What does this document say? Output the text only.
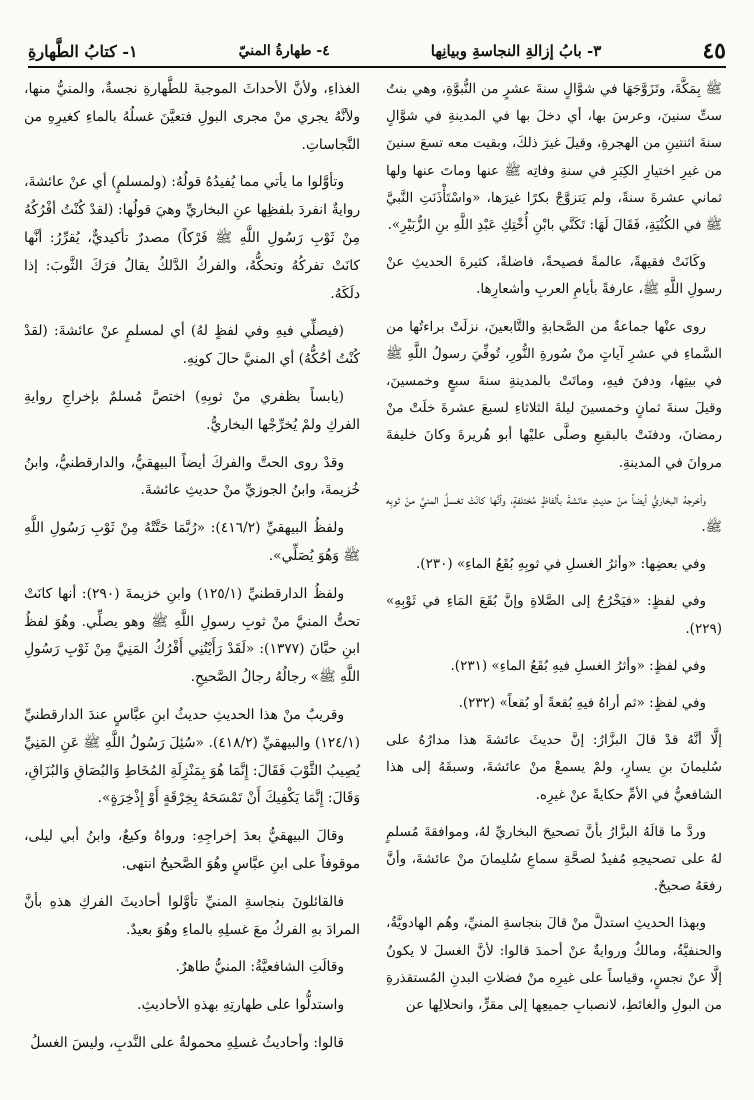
٤٥
٣- بابُ إزالةِ النجاسةِ وبيانِها
٤- طهارةُ المنيّ
١- كتابُ الطَّهارةِ

ﷺ بِمَكَّةَ، وتَزَوَّجَهَا في شوَّالٍ سنةَ عشرٍ من النُّبوَّةِ، وهي بنتُ ستِّ سنينَ، وعرسَ بها، أي دخلَ بها في المدينةِ في شوَّالٍ سنةَ اثنتينِ من الهجرةِ، وقيلَ غيرَ ذلكَ، وبقيت معه تسعَ سنينَ من غيرِ اختيارِ الكِبَرِ في سنةِ وفاتِه ﷺ عنها وماتَ عنها ولها ثماني عشرةَ سنةً، ولم يَتزوَّجْ بكرًا غيرَها، «واسْتَأْذَنَتِ النَّبيَّ ﷺ في الكُنْيَةِ، فَقَالَ لَهَا: تَكَنَّي بابْنِ أُخْتِكِ عَبْدِ اللَّهِ بنِ الزُّبَيْرِ».

وكَانَتْ فقيهةً، عالمةً فصيحةً، فاضلةً، كثيرةَ الحديثِ عنْ رسولِ اللَّهِ ﷺ، عارفةً بأيامِ العربِ وأشعارِها.

روى عنْها جماعةٌ من الصَّحابةِ والتَّابعينَ، نزلَتْ براءتُها من السَّماءِ في عشرِ آياتٍ منْ سُورةِ النُّورِ، تُوفِّيَ رسولُ اللَّهِ ﷺ في بيتِها، ودفنَ فيهِ، وماتَتْ بالمدينةِ سنةَ سبعٍ وخمسينَ، وقيلَ سنةَ ثمانٍ وخمسينَ ليلةَ الثلاثاءِ لسبعَ عشرةَ خلَتْ منْ رمضانَ، ودفنَتْ بالبقيعِ وصلَّى عليْها أبو هُريرةَ وكانَ خليفةَ مروانَ في المدينةِ.

وأخرجهُ البخاريُّ أيضاً منْ حديثِ عائشةَ بألفاظٍ مُختلفةٍ، وأنَّها كانَتْ تغسلُ المنيَّ منْ ثوبِه ﷺ.

وفي بعضِها: «وأثرُ الغسلِ في ثوبِهِ بُقَعُ الماءِ» (٢٣٠).

وفي لفظٍ: «فيَخْرُجُ إلى الصَّلاةِ وإنَّ بُقَعَ المَاءِ في ثَوْبِهِ» (٢٢٩).

وفي لفظٍ: «وأثرُ الغسلِ فيهِ بُقَعُ الماءِ» (٢٣١).

وفي لفظٍ: «ثم أراهُ فيهِ بُقعةً أو بُقعاً» (٢٣٢).

إلَّا أنَّهُ قدْ قالَ البزَّارُ: إنَّ حديثَ عائشةَ هذا مدارُهُ على سُليمانَ بنِ يسارٍ، ولمْ يسمعْ منْ عائشةَ، وسبقَهُ إلى هذا الشافعيُّ في الأمِّ حكايةً عنْ غيرِه.

وردَّ ما قالَهُ البزَّارُ بأنَّ تصحيحَ البخاريِّ لهُ، وموافقةَ مُسلمٍ لهُ على تصحيحِهِ مُفيدٌ لصحَّةِ سماعِ سُليمانَ منْ عائشةَ، وأنَّ رفعَهُ صحيحٌ.

وبهذا الحديثِ استدلَّ منْ قالَ بنجاسةِ المنيِّ، وهُم الهادويَّةُ، والحنفيَّةُ، ومالكٌ وروايةٌ عنْ أحمدَ قالوا: لأنَّ الغسلَ لا يكونُ إلَّا عنْ نجسٍ، وقياساً على غيرِه منْ فضلاتِ البدنِ المُستقذرةِ من البولِ والغائطِ، لانصبابِ جميعِها إلى مقرٍّ، وانحلالِها عن

الغذاءِ، ولأنَّ الأحداثَ الموجبةَ للطَّهارةِ نجسةٌ، والمنيُّ منها، ولأنَّهُ يجري منْ مجرى البولِ فتعيَّنَ غسلُهُ بالماءِ كغيرِهِ من النَّجاساتِ.

وتأوَّلوا ما يأتي مما يُفيدُهُ قولُهُ: (ولمسلمٍ) أي عنْ عائشةَ، روايةٌ انفردَ بلفظِها عنِ البخاريِّ وهيَ قولُها: (لقدْ كُنْتُ أفْرُكُهُ مِنْ ثَوْبِ رَسُولِ اللَّهِ ﷺ فَرْكاً) مصدرٌ تأكيديٌّ، يُقرِّرُ: أنَّها كانَتْ تفركُهُ وتحكُّهُ، والفركُ الدَّلكُ يقالُ فرَكَ الثَّوبَ: إذا دلَكَهُ.

(فيصلِّي فيهِ وفي لفظٍ لهُ) أي لمسلمٍ عنْ عائشةَ: (لقدْ كُنْتُ أحُكُّهُ) أي المنيَّ حالَ كونِهِ.

(يابساً بظفري منْ ثوبِهِ) اختصَّ مُسلمٌ بإخراجِ روايةِ الفركِ ولمْ يُخرِّجْها البخاريُّ.

وقدْ روى الحتَّ والفركَ أيضاً البيهقيُّ، والدارقطنيُّ، وابنُ خُزيمةَ، وابنُ الجوزيِّ منْ حديثِ عائشةَ.

ولفظُ البيهقيِّ (٤١٦/٢): «رُبَّمَا حَتَّتْهُ مِنْ ثَوْبِ رَسُولِ اللَّهِ ﷺ وَهُوَ يُصَلِّي».

ولفظُ الدارقطنيِّ (١٢٥/١) وابنِ خزيمةَ (٢٩٠): أنها كانَتْ تحتُّ المنيَّ منْ ثوبِ رسولِ اللَّهِ ﷺ وهو يصلِّي. وهُوَ لفظُ ابنِ حبَّانَ (١٣٧٧): «لَقَدْ رَأَيْتُنِي أَفْرُكُ المَنِيَّ مِنْ ثَوْبِ رَسُولِ اللَّهِ ﷺ» رجالُهُ رجالُ الصَّحيحِ.

وقريبٌ منْ هذا الحديثِ حديثُ ابنِ عبَّاسٍ عندَ الدارقطنيِّ (١٢٤/١) والبيهقيِّ (٤١٨/٢). «سُئِلَ رَسُولُ اللَّهِ ﷺ عَنِ المَنِيِّ يُصِيبُ الثَّوْبَ فَقَالَ: إِنَّمَا هُوَ بِمَنْزِلَةِ المُخَاطِ وَالبُصَاقِ وَالبُزَاقِ، وَقَالَ: إِنَّمَا يَكْفِيكَ أَنْ تَمْسَحَهُ بِخِرْقَةٍ أَوْ إِذْخِرَةٍ».

وقالَ البيهقيُّ بعدَ إخراجِهِ: ورواهُ وكيعٌ، وابنُ أبي ليلى، موقوفاً على ابنِ عبَّاسٍ وهُوَ الصَّحيحُ انتهى.

فالقائلونَ بنجاسةِ المنيِّ تأوَّلوا أحاديثَ الفركِ هذهِ بأنَّ المرادَ بهِ الفركُ معَ غسلِهِ بالماءِ وهُوَ بعيدٌ.

وقالَتِ الشافعيَّةُ: المنيُّ طاهرٌ.

واستدلُّوا على طهارتِهِ بهذهِ الأحاديثِ.

قالوا: وأحاديثُ غسلِهِ محمولةٌ على النَّدبِ، وليسَ الغسلُ
